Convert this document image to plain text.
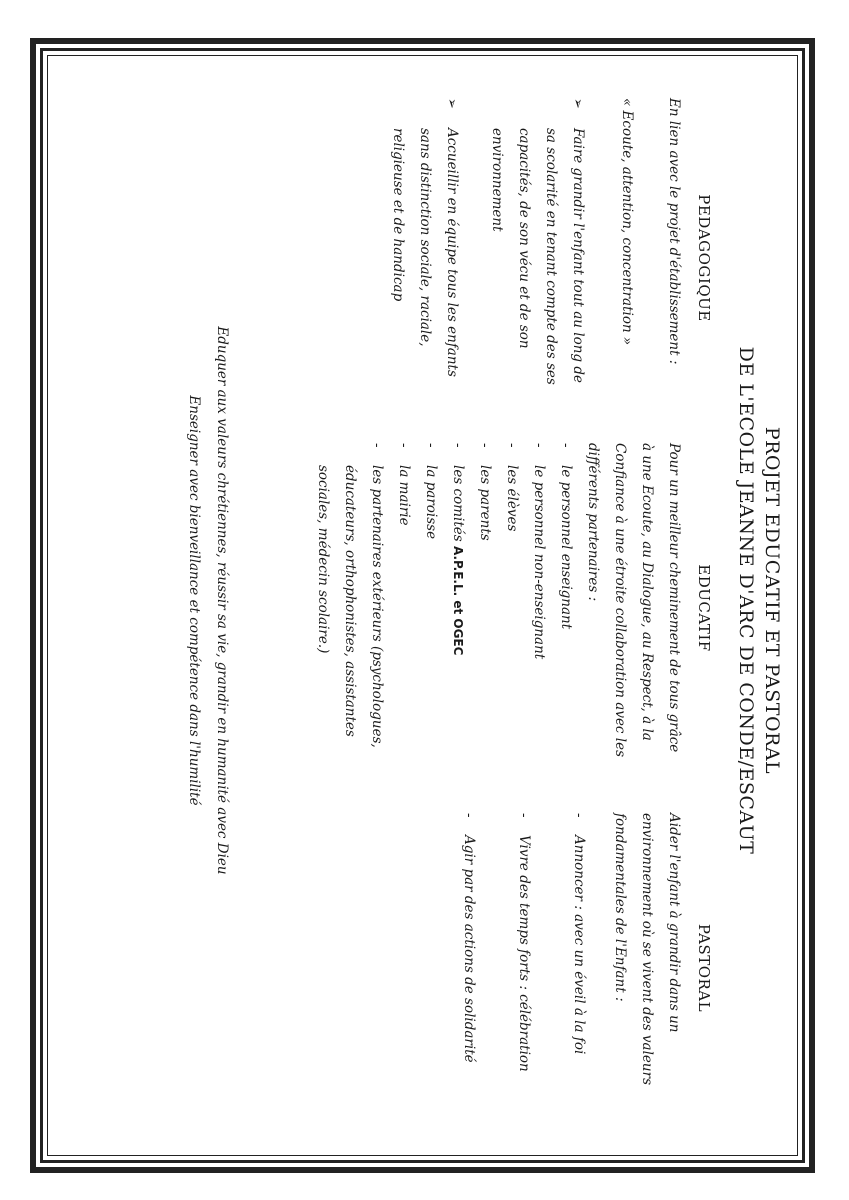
PROJET EDUCATIF ET PASTORAL
DE L'ECOLE JEANNE D'ARC DE CONDE/ESCAUT
PEDAGOGIQUE
En lien avec le projet d'établissement :
« Ecoute, attention, concentration »
➢
Faire grandir l'enfant tout au long de sa scolarité en tenant compte des ses capacités, de son vécu et de son environnement
➢
Accueillir en équipe tous les enfants sans distinction sociale, raciale, religieuse et de handicap
EDUCATIF
Pour un meilleur cheminement de tous grâce à une Ecoute, au Dialogue, au Respect, à la Confiance à une étroite collaboration avec les différents partenaires :
- le personnel enseignant
- le personnel non-enseignant
- les élèves
- les parents
- les comités A.P.E.L. et OGEC
- la paroisse
- la mairie
- les partenaires extérieurs (psychologues, éducateurs, orthophonistes, assistantes sociales, médecin scolaire.)
PASTORAL
Aider l'enfant à grandir dans un environnement où se vivent des valeurs fondamentales de l'Enfant :
- Annoncer : avec un éveil à la foi
- Vivre des temps forts : célébration
- Agir par des actions de solidarité
Eduquer aux valeurs chrétiennes, réussir sa vie, grandir en humanité avec Dieu
Enseigner avec bienveillance et compétence dans l'humilité
